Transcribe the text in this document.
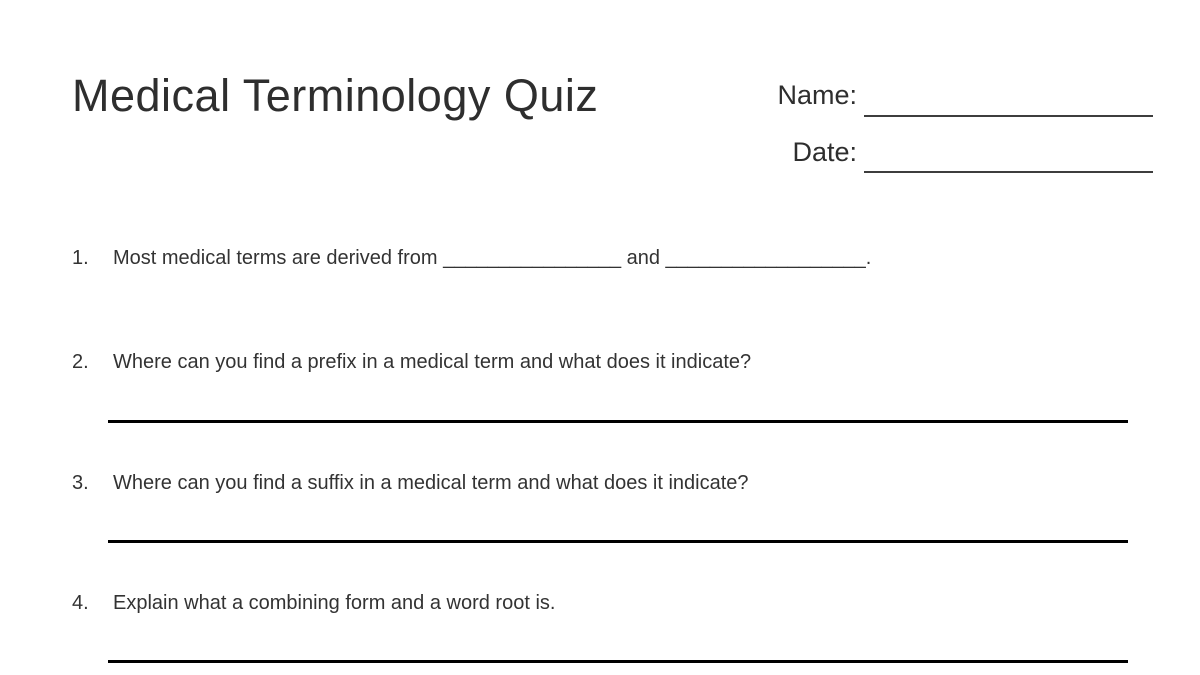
Medical Terminology Quiz	Name:
Date:
1. Most medical terms are derived from ________________ and __________________.
2. Where can you find a prefix in a medical term and what does it indicate?
3. Where can you find a suffix in a medical term and what does it indicate?
4. Explain what a combining form and a word root is.
